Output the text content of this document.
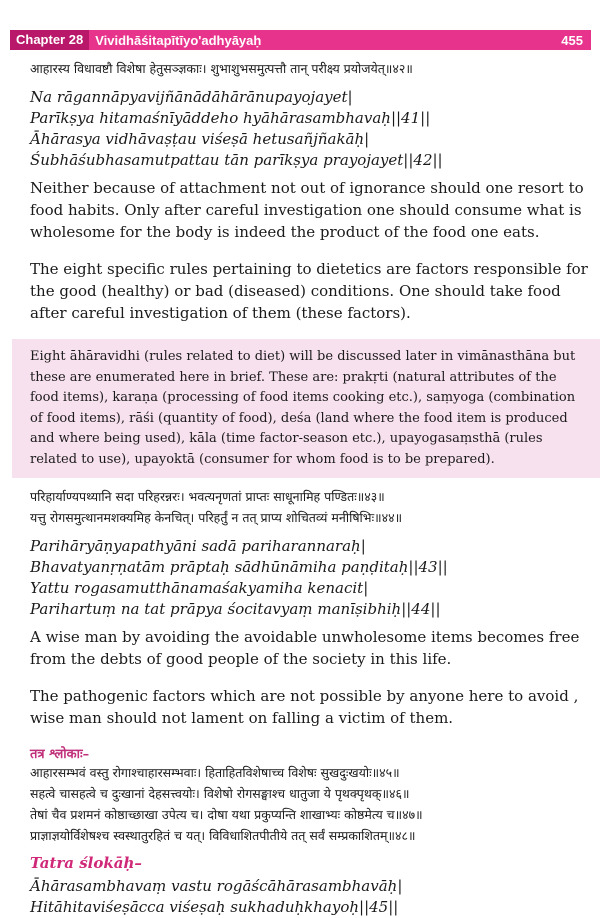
Chapter 28 Vividhāśitapītīyo'adhyāyaḥ	455
आहारस्य विधावष्टौ विशेषा हेतुसञ्ज्ञकाः। शुभाशुभसमुत्पत्तौ तान् परीक्ष्य प्रयोजयेत्॥४२॥
Na rāgannāpyavijñānādāhārānupayojayet|
Parīkṣya hitamaśnīyāddeho hyāhārasambhavaḥ||41||
Āhārasya vidhāvaṣṭau viśeṣā hetusañjñakāḥ|
Śubhāśubhasamutpattau tān parīkṣya prayojayet||42||

Neither because of attachment not out of ignorance should one resort to food habits. Only after careful investigation one should consume what is wholesome for the body is indeed the product of the food one eats.

The eight specific rules pertaining to dietetics are factors responsible for the good (healthy) or bad (diseased) conditions. One should take food after careful investigation of them (these factors).

Eight āhāravidhi (rules related to diet) will be discussed later in vimānasthāna but these are enumerated here in brief. These are: prakṛti (natural attributes of the food items), karaṇa (processing of food items cooking etc.), saṃyoga (combination of food items), rāśi (quantity of food), deśa (land where the food item is produced and where being used), kāla (time factor-season etc.), upayogasaṃsthā (rules related to use), upayoktā (consumer for whom food is to be prepared).
परिहार्याण्यपथ्यानि सदा परिहरन्नरः। भवत्यनृणतां प्राप्तः साधूनामिह पण्डितः॥४३॥
यत्तु रोगसमुत्थानमशक्यमिह केनचित्। परिहर्तुं न तत् प्राप्य शोचितव्यं मनीषिभिः॥४४॥
Parihāryāṇyapathyāni sadā pariharannaraḥ|
Bhavatyanṛṇatām prāptaḥ sādhūnāmiha paṇḍitaḥ||43||
Yattu rogasamutthānamaśakyamiha kenacit|
Parihartuṃ na tat prāpya śocitavyaṃ manīṣibhiḥ||44||

A wise man by avoiding the avoidable unwholesome items becomes free from the debts of good people of the society in this life.

The pathogenic factors which are not possible by anyone here to avoid , wise man should not lament on falling a victim of them.

तत्र श्लोकाः–
आहारसम्भवं वस्तु रोगाश्चाहारसम्भवाः। हिताहितविशेषाच्च विशेषः सुखदुःखयोः॥४५॥
सहत्वे चासहत्वे च दुःखानां देहसत्त्वयोः। विशेषो रोगसङ्घाश्च धातुजा ये पृथक्पृथक्॥४६॥
तेषां चैव प्रशमनं कोष्ठाच्छाखा उपेत्य च। दोषा यथा प्रकुप्यन्ति शाखाभ्यः कोष्ठमेत्य च॥४७॥
प्राज्ञाज्ञयोर्विशेषश्च स्वस्थातुरहितं च यत्। विविधाशितपीतीये तत् सर्वं सम्प्रकाशितम्॥४८॥
Tatra ślokāḥ–
Āhārasambhavaṃ vastu rogāścāhārasambhavāḥ|
Hitāhitaviśeṣācca viśeṣaḥ sukhaduḥkhayoḥ||45||
